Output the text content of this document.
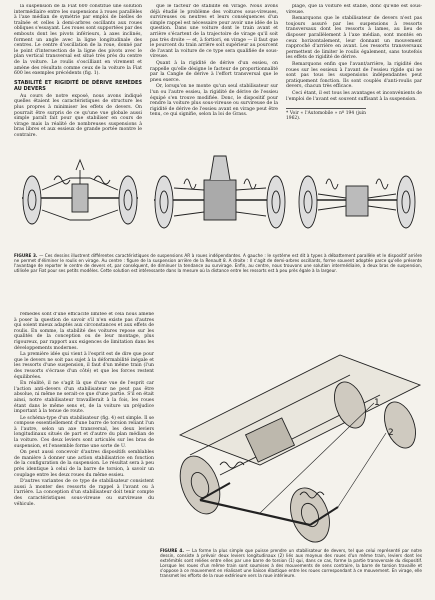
la suspension de la Fiat 600 constitue une solution intermédiaire entre les suspensions à roues parallèles à l'axe médian de symétrie par emploi de bielles de traînée et celles à demi-arbres oscillants aux roues obliques s'essayant. Les roues sont supportées par des embouts dont les pivots inférieurs, à axes inclinés, forment un angle avec la ligne longitudinale des centres. Le centre d'oscillation de la roue, donné par le point d'intersection de la ligne des pivots avec le plan vertical transversal est situé très près du centre de la voiture. Le roulis s'oscilliant en virement et amène des résultats comme ceux de la voiture la Fiat 600 les exemples précédents (fig. 1).

STABILITÉ ET RIGIDITÉ DE DÉRIVE REMÈDES AU DEVERS

Au cours de notre exposé, nous avons indiqué quelles étaient les caractéristiques de structure les plus propres à minimiser les effets de devers. On pourrait être surpris de ce qu'une vue globale aussi simple paraît fait pour que stabiliser en cours de virage mais la réalité de nombreuses suspensions à bras libres et aux essieux de grande portée montre le contraire.

que le facteur de stabilité en virage. Nous avons déjà étudié le problème des voitures sous-vireuses, survireuses ou neutres et leurs conséquences d'un simple rappel est nécessaire pour avoir une idée de la question. Dans une voiture dont le train avant et arrière s'écartent de la trajectoire de virage qu'il soit pas très droite — et, à fortiori, en virage — il faut que le pourcent du train arrière soit supérieur au pourcent de l'avant la voiture de ce type sera qualifiée de sous-vireuse.

Quant à la rigidité de dérive d'un essieu, on rappelle qu'elle désigne le facteur de proportionnalité par la Cangle de dérive à l'effort transversal que le pneu exerce.

Or, lorsqu'on ne monte qu'un seul stabilisateur sur l'un ou l'autre essieu, la rigidité de dérive de l'essieu équipé s'en trouve modifiée. Donc, le dispositif pour rendre la voiture plus sous-vireuse ou survireuse de la rigidité de dérive de l'essieu avant en virage peut être tenu, ce qui signifie, selon la loi de Grass.

plage, que la voiture est stable, donc qu'elle est sous-vireuse.

Remarquons que le stabilisateur de devers n'est pas toujours assuré par les suspensions à ressorts transversaux dont les ressorts à lames, au lieu de disposer parallèlement à l'axe médian, sont montés en ceux horizontalement, leur donnant un mouvement rapproché d'arrière en avant. Les ressorts transversaux permettent de limiter le roulis également, sans toutefois les effets de rigidité de dérive.

Remarquons enfin que l'avant/arrière, la rigidité des roues sur les essieux à l'avant de l'essieu rigide qui ne sont pas tous les suspensions indépendantes peut pratiquement fonction. Ils sont couplés d'anti-roulis par devers, chacun très efficace.

Ceci étant, il est tous les avantages et inconvénients de l'emploi de l'avant est souvent suffisant à la suspension.

* Voir « l'Automobile » nº 194 (juin 1962).
FIGURE 3. — Ces dessins illustrent différentes caractéristiques de suspensions AR à roues indépendantes. A gauche : le système est dit à types à débattement parallèle et le dispositif arrière ne permet d'éliminer le roulis en virage. Au centre : figure de la suspension arrière de la Renault 8. A droite : Il s'agit de demi-arbres oscillants, forme souvent adoptée parce qu'elle présente l'avantage de reporter le centre de devers et, par conséquent, de diminuer la tendance au survirage. Enfin, au centre, nous trouvons une solution intermédiaire, à deux bras de suspension, utilisée par Fiat pour ses petits modèles. Cette solution est intéressante dans la mesure où la distance entre les ressorts est à peu près égale à la largeur.

remèdes sont d'une efficacité limitée et cela nous amène à poser la question de savoir s'il n'en existe pas d'autres qui soient mieux adaptés aux circonstances et aux effets de roulis. En somme, la stabilité des voitures repose sur les qualités de la conception ou de leur montage, plus rigoureux, par rapport aux exigences de limitation dans les développements modernes.

La première idée qui vient à l'esprit est de dire que pour que le devers ne soit pas sujet à la déformabilité inégale et les ressorts d'une suspension, il faut d'un même train (l'un des ressorts s'écrase d'un côté) et que les forces restent équilibrées.

En réalité, il ne s'agit là que d'une vue de l'esprit car l'action anti-devers d'un stabilisateur ne peut pas être absolue, ni même ne serait-ce que d'une partie. S'il en était ainsi, notre stabilisateur travaillerait à la fois, les roues étant dans le même sens et, de la voiture un préjudice important à la tenue de route.

Le schéma-type d'un stabilisateur (fig. 4) est simple. Il se compose essentiellement d'une barre de torsion reliant l'un à l'autre, selon un axe transversal, les deux leviers longitudinaux situés de part et d'autre du plan médian de la voiture. Ces deux leviers sont articulés sur les bras de suspension, et l'ensemble forme une sorte de U.

On peut aussi concevoir d'autres dispositifs semblables de manière à donner une action stabilisatrice en fonction de la configuration de la suspension. Le résultat sera à peu près identique à celui de la barre de torsion, à savoir un couplage entre les deux roues du même essieu.

D'autres variantes de ce type de stabilisateur consistent aussi à monter des ressorts de rappel à l'avant ou à l'arrière. La conception d'un stabilisateur doit tenir compte des caractéristiques sous-vireuse ou survireuse du véhicule.

1
2
FIGURE 4. — La forme la plus simple que puisse prendre un stabilisateur de devers, tel que celui représenté par notre dessin, consiste à prévoir deux leviers longitudinaux (2) liés aux moyeux des roues d'un même train, leviers dont les extrémités sont reliées entre elles par une barre de torsion (1) qui, dans ce cas, forme la partie transversale du dispositif. Lorsque les roues d'un même train sont soumises à des mouvements de sens contraire, la barre de torsion travaille et s'oppose à ce mouvement en réalisant une liaison élastique entre les roues correspondant à ce mouvement. En virage, elle transmet les efforts de la roue extérieure vers la roue intérieure.
